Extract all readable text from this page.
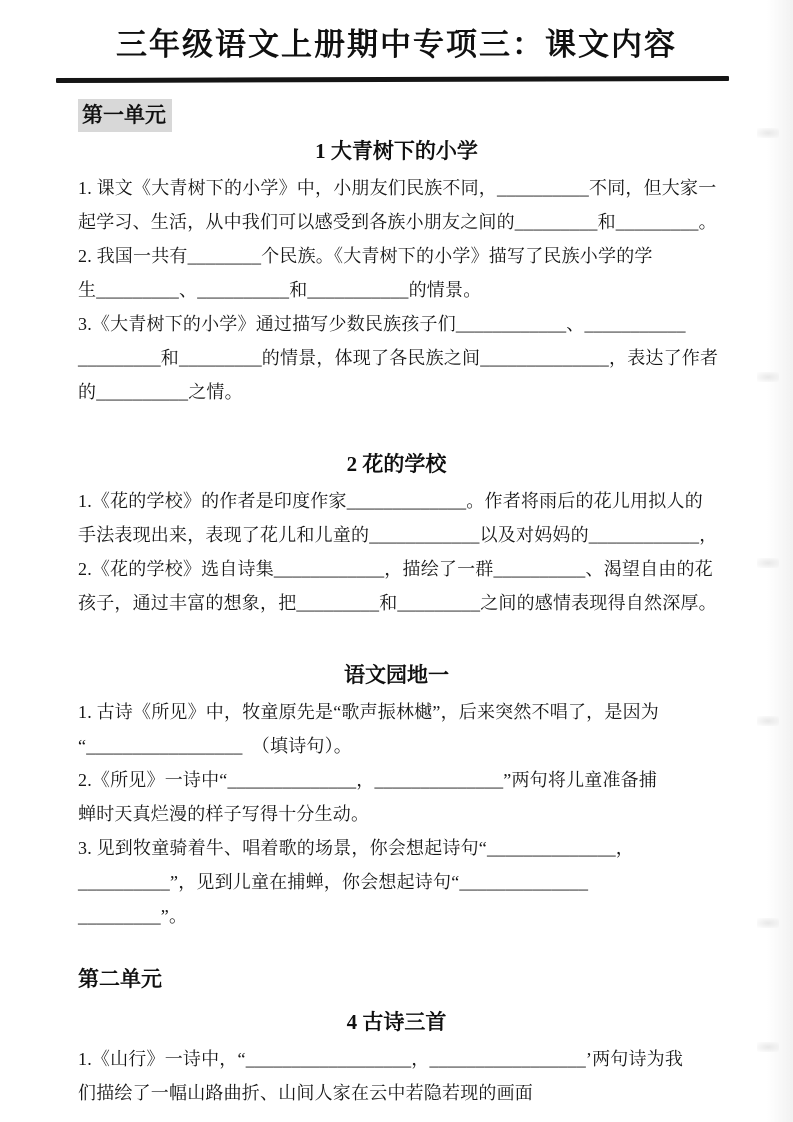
三年级语文上册期中专项三：课文内容
第一单元
1 大青树下的小学
1. 课文《大青树下的小学》中，小朋友们民族不同，__________不同，但大家一
起学习、生活，从中我们可以感受到各族小朋友之间的_________和_________。
2. 我国一共有________个民族。《大青树下的小学》描写了民族小学的学
生_________、__________和___________的情景。
3.《大青树下的小学》通过描写少数民族孩子们____________、___________
_________和_________的情景，体现了各民族之间______________，表达了作者
的__________之情。
2 花的学校
1.《花的学校》的作者是印度作家_____________。作者将雨后的花儿用拟人的
手法表现出来，表现了花儿和儿童的____________以及对妈妈的____________，
2.《花的学校》选自诗集____________，描绘了一群__________、渴望自由的花
孩子，通过丰富的想象，把_________和_________之间的感情表现得自然深厚。
语文园地一
1. 古诗《所见》中，牧童原先是“歌声振林樾”，后来突然不唱了，是因为
“_________________　（填诗句）。
2.《所见》一诗中“______________，______________”两句将儿童准备捕
蝉时天真烂漫的样子写得十分生动。
3. 见到牧童骑着牛、唱着歌的场景，你会想起诗句“______________，
__________”，见到儿童在捕蝉，你会想起诗句“______________
_________”。
第二单元
4 古诗三首
1.《山行》一诗中，“__________________，_________________’两句诗为我
们描绘了一幅山路曲折、山间人家在云中若隐若现的画面
